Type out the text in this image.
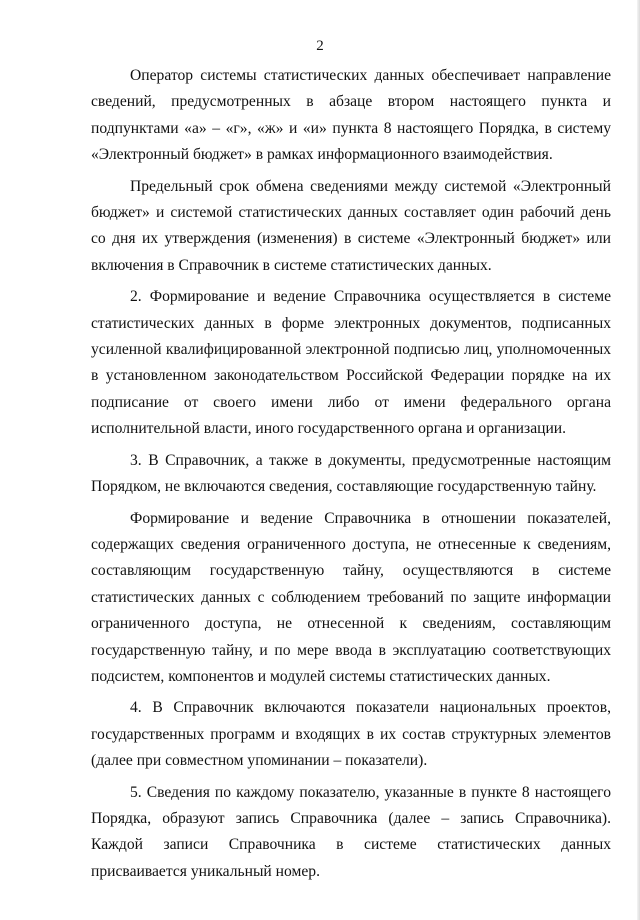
2

Оператор системы статистических данных обеспечивает направление сведений, предусмотренных в абзаце втором настоящего пункта и подпунктами «а» – «г», «ж» и «и» пункта 8 настоящего Порядка, в систему «Электронный бюджет» в рамках информационного взаимодействия.

Предельный срок обмена сведениями между системой «Электронный бюджет» и системой статистических данных составляет один рабочий день со дня их утверждения (изменения) в системе «Электронный бюджет» или включения в Справочник в системе статистических данных.

2. Формирование и ведение Справочника осуществляется в системе статистических данных в форме электронных документов, подписанных усиленной квалифицированной электронной подписью лиц, уполномоченных в установленном законодательством Российской Федерации порядке на их подписание от своего имени либо от имени федерального органа исполнительной власти, иного государственного органа и организации.

3. В Справочник, а также в документы, предусмотренные настоящим Порядком, не включаются сведения, составляющие государственную тайну.

Формирование и ведение Справочника в отношении показателей, содержащих сведения ограниченного доступа, не отнесенные к сведениям, составляющим государственную тайну, осуществляются в системе статистических данных с соблюдением требований по защите информации ограниченного доступа, не отнесенной к сведениям, составляющим государственную тайну, и по мере ввода в эксплуатацию соответствующих подсистем, компонентов и модулей системы статистических данных.

4. В Справочник включаются показатели национальных проектов, государственных программ и входящих в их состав структурных элементов (далее при совместном упоминании – показатели).

5. Сведения по каждому показателю, указанные в пункте 8 настоящего Порядка, образуют запись Справочника (далее – запись Справочника). Каждой записи Справочника в системе статистических данных присваивается уникальный номер.
